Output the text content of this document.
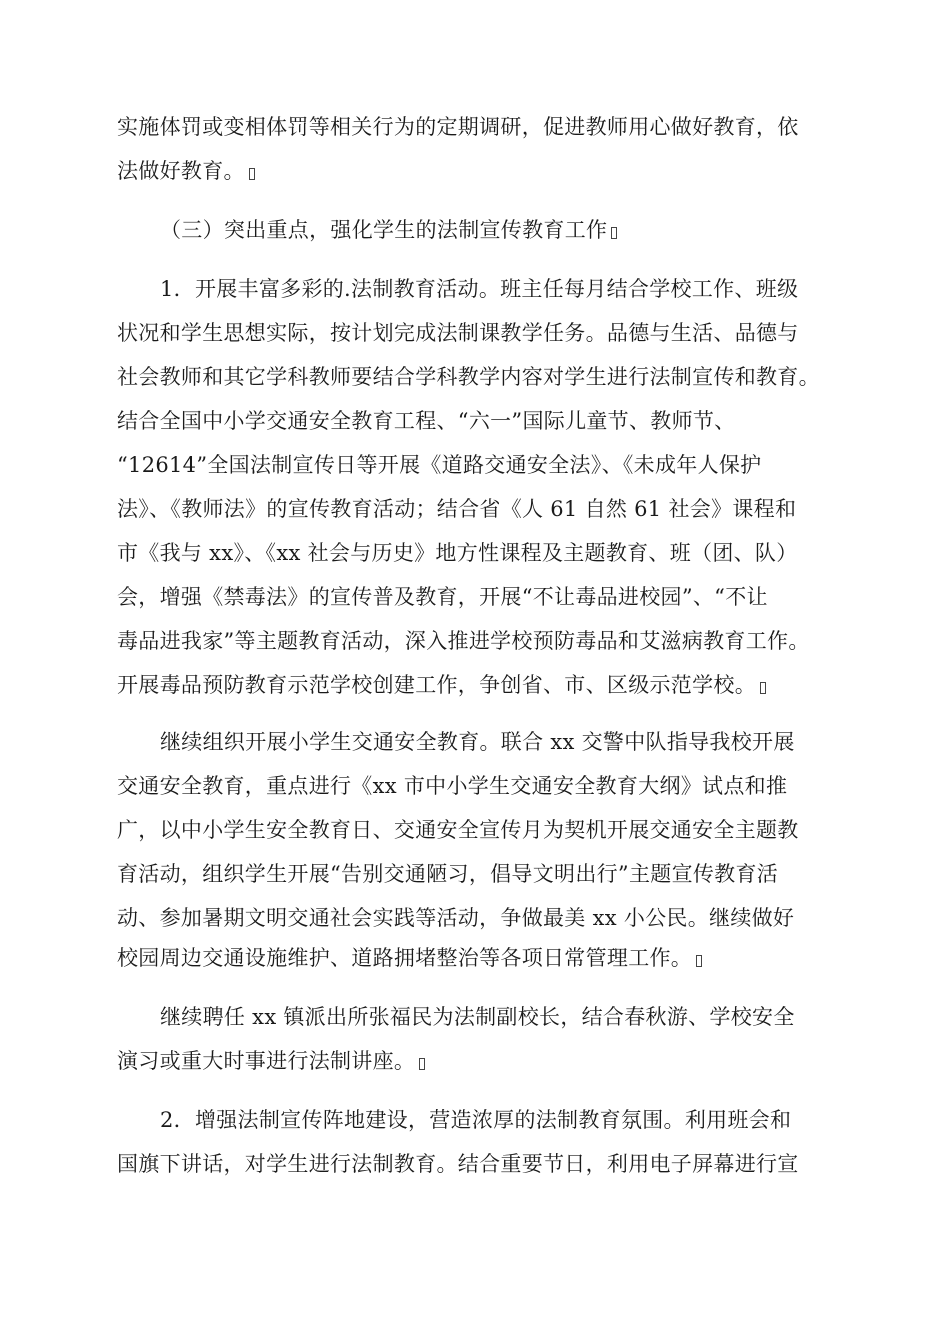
实施体罚或变相体罚等相关行为的定期调研，促进教师用心做好教育，依
法做好教育。
（三）突出重点，强化学生的法制宣传教育工作
1．开展丰富多彩的.法制教育活动。班主任每月结合学校工作、班级
状况和学生思想实际，按计划完成法制课教学任务。品德与生活、品德与
社会教师和其它学科教师要结合学科教学内容对学生进行法制宣传和教育。
结合全国中小学交通安全教育工程、“六一”国际儿童节、教师节、
“12614”全国法制宣传日等开展《道路交通安全法》、《未成年人保护
法》、《教师法》的宣传教育活动；结合省《人 61 自然 61 社会》课程和
市《我与 xx》、《xx 社会与历史》地方性课程及主题教育、班（团、队）
会，增强《禁毒法》的宣传普及教育，开展“不让毒品进校园”、“不让
毒品进我家”等主题教育活动，深入推进学校预防毒品和艾滋病教育工作。
开展毒品预防教育示范学校创建工作，争创省、市、区级示范学校。
继续组织开展小学生交通安全教育。联合 xx 交警中队指导我校开展
交通安全教育，重点进行《xx 市中小学生交通安全教育大纲》试点和推
广，以中小学生安全教育日、交通安全宣传月为契机开展交通安全主题教
育活动，组织学生开展“告别交通陋习，倡导文明出行”主题宣传教育活
动、参加暑期文明交通社会实践等活动，争做最美 xx 小公民。继续做好
校园周边交通设施维护、道路拥堵整治等各项日常管理工作。
继续聘任 xx 镇派出所张福民为法制副校长，结合春秋游、学校安全
演习或重大时事进行法制讲座。
2．增强法制宣传阵地建设，营造浓厚的法制教育氛围。利用班会和
国旗下讲话，对学生进行法制教育。结合重要节日，利用电子屏幕进行宣
